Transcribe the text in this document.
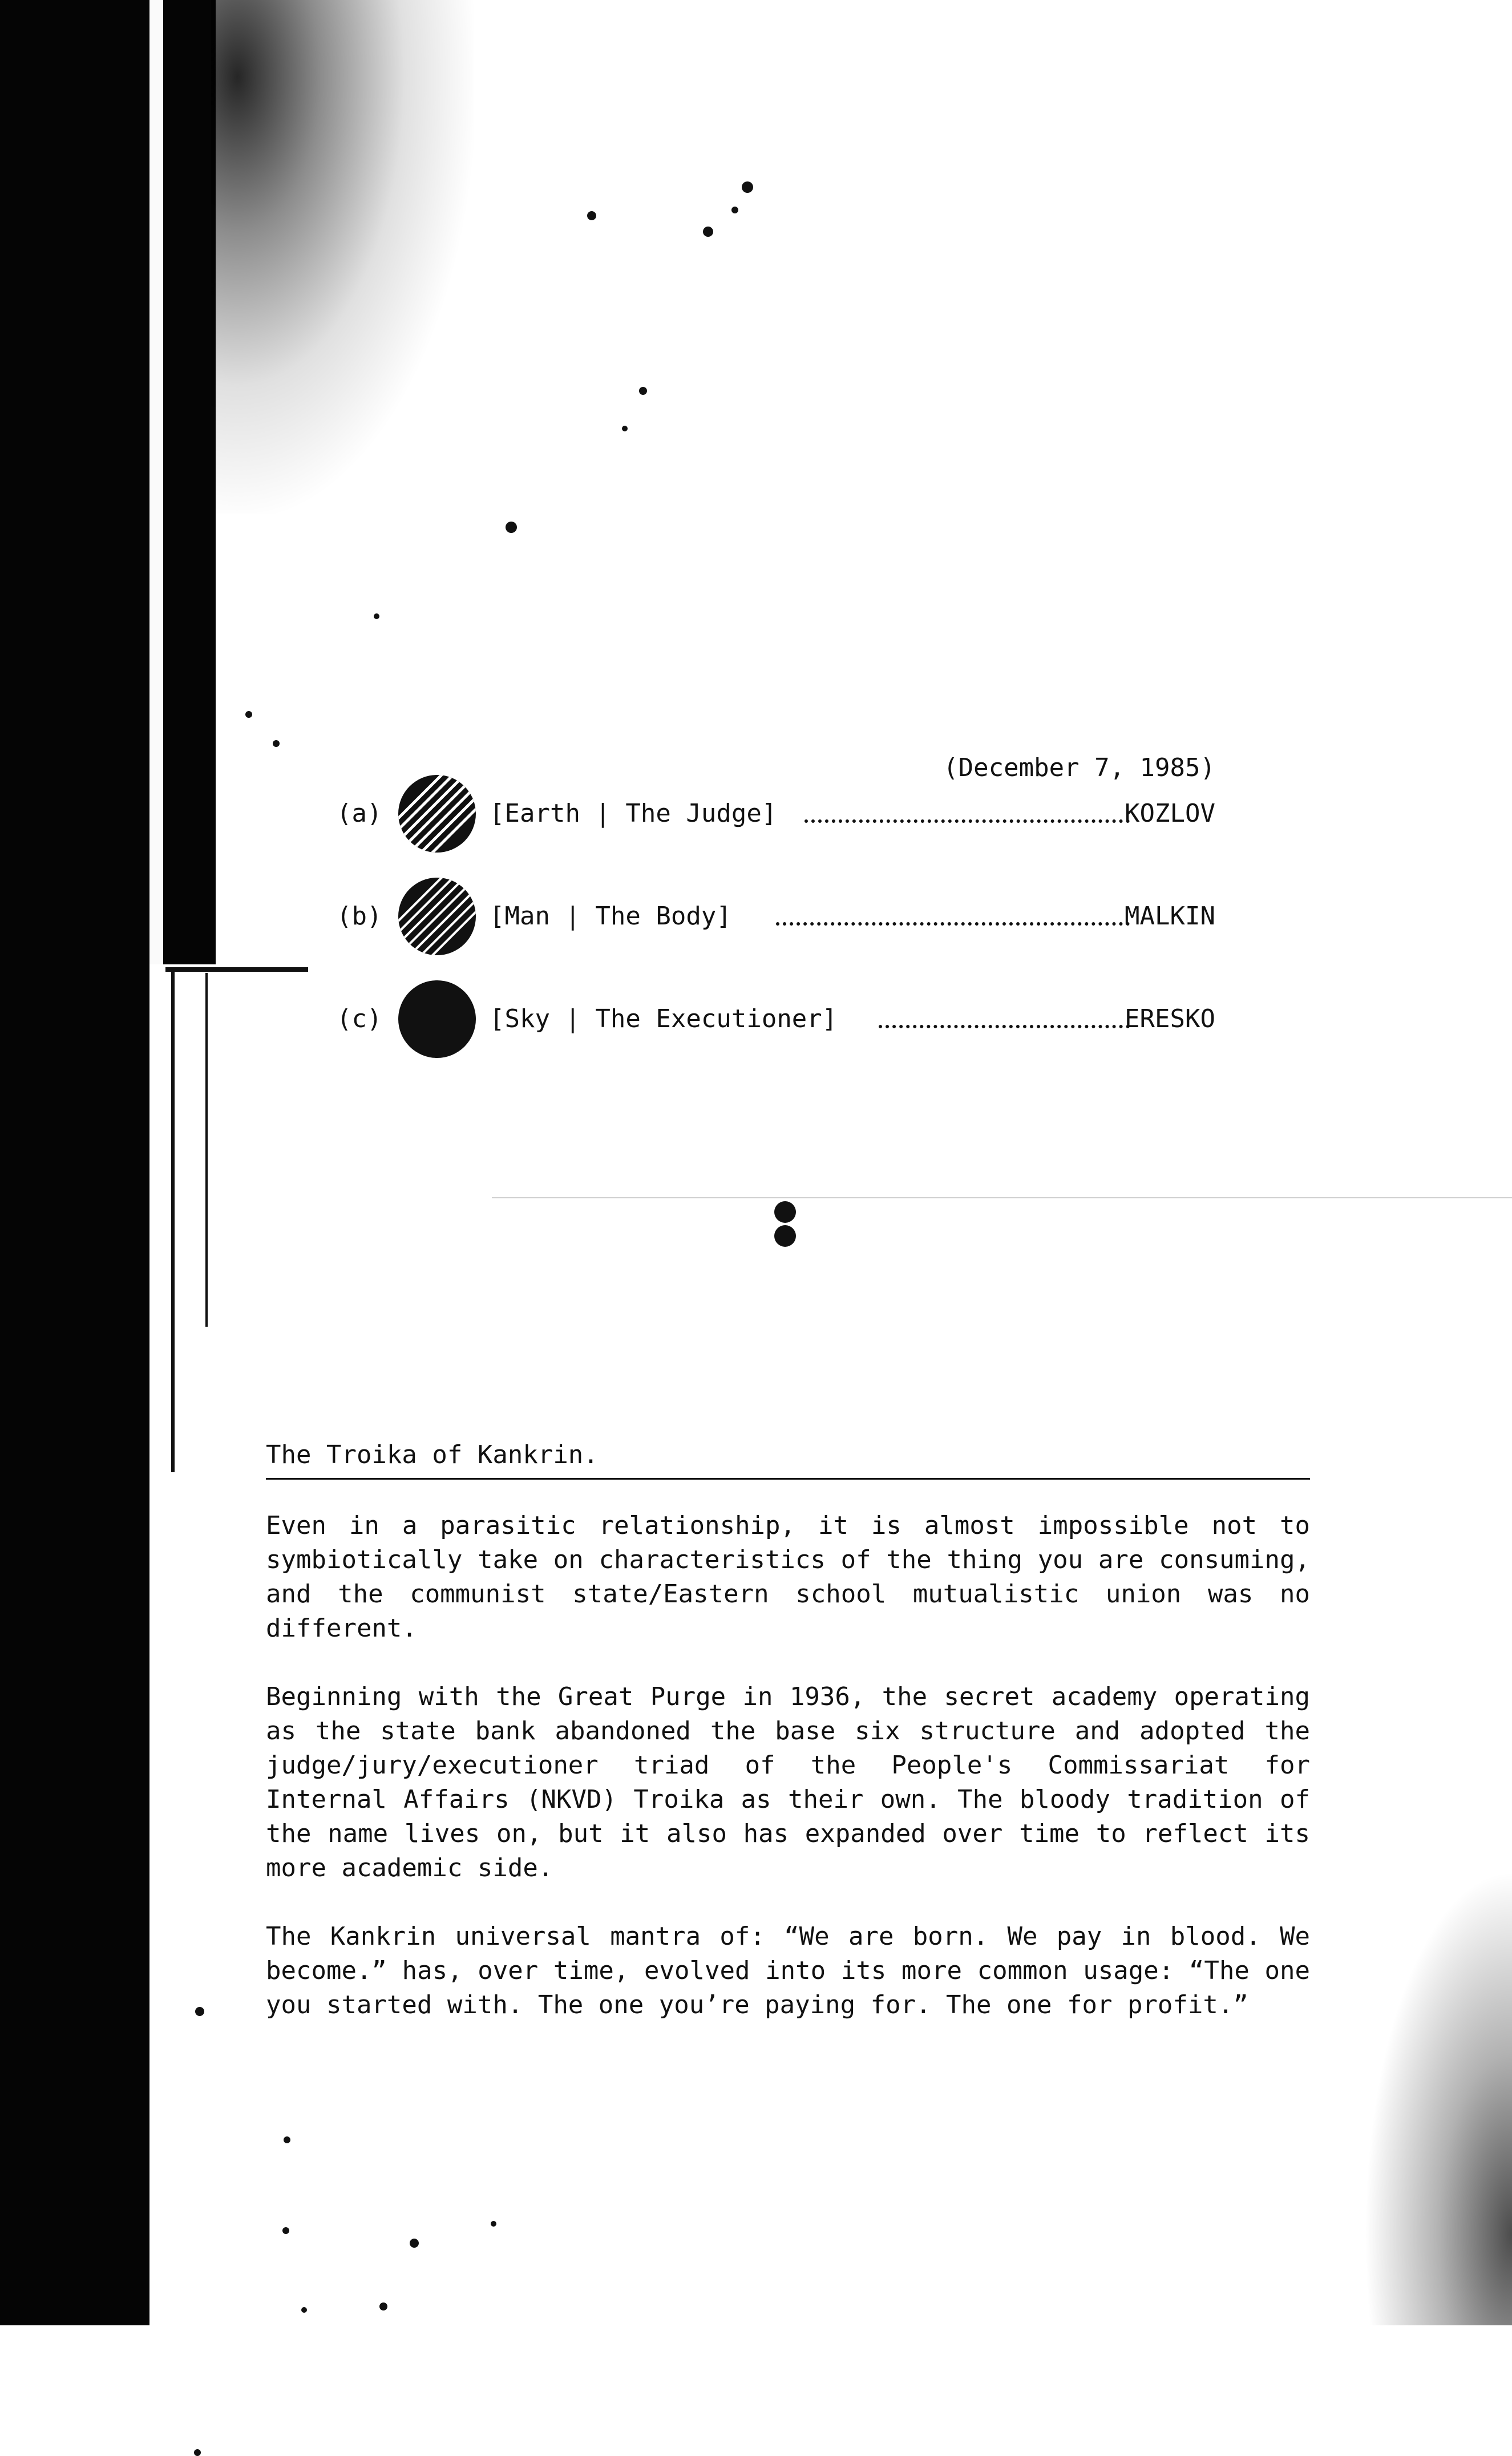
(December 7, 1985)
(a)	[Earth | The Judge]	KOZLOV
(b)	[Man | The Body]	MALKIN
(c)	[Sky | The Executioner]	ERESKO
The Troika of Kankrin.

Even in a parasitic relationship, it is almost impossible not to symbiotically take on characteristics of the thing you are consuming, and the communist state/Eastern school mutualistic union was no different.

Beginning with the Great Purge in 1936, the secret academy operating as the state bank abandoned the base six structure and adopted the judge/jury/executioner triad of the People's Commissariat for Internal Affairs (NKVD) Troika as their own. The bloody tradition of the name lives on, but it also has expanded over time to reflect its more academic side.

The Kankrin universal mantra of: “We are born. We pay in blood. We become.” has, over time, evolved into its more common usage: “The one you started with. The one you’re paying for. The one for profit.”
